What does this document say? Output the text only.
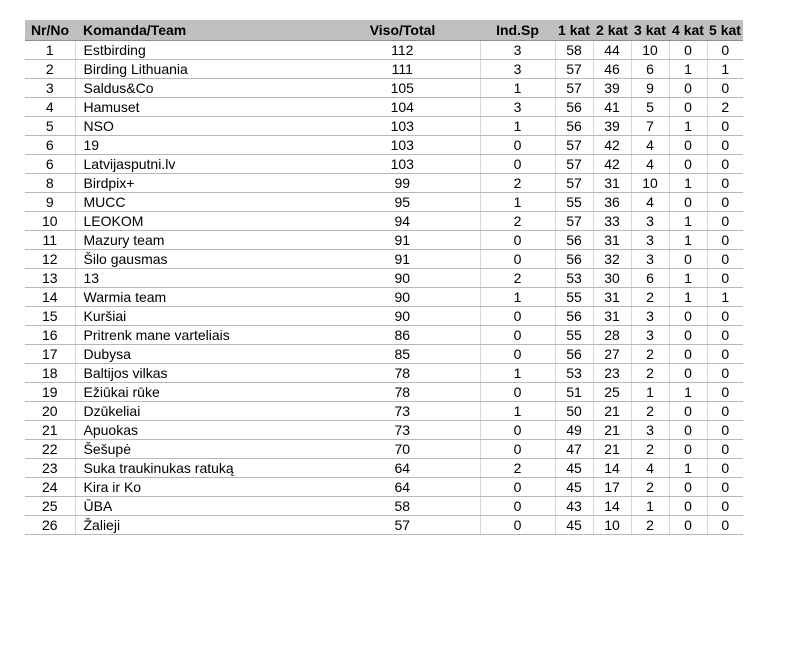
Nr/No	Komanda/Team	Viso/Total	Ind.Sp	1 kat	2 kat	3 kat	4 kat	5 kat
1	Estbirding	112	3	58	44	10	0	0
2	Birding Lithuania	111	3	57	46	6	1	1
3	Saldus&Co	105	1	57	39	9	0	0
4	Hamuset	104	3	56	41	5	0	2
5	NSO	103	1	56	39	7	1	0
6	19	103	0	57	42	4	0	0
6	Latvijasputni.lv	103	0	57	42	4	0	0
8	Birdpix+	99	2	57	31	10	1	0
9	MUCC	95	1	55	36	4	0	0
10	LEOKOM	94	2	57	33	3	1	0
11	Mazury team	91	0	56	31	3	1	0
12	Šilo gausmas	91	0	56	32	3	0	0
13	13	90	2	53	30	6	1	0
14	Warmia team	90	1	55	31	2	1	1
15	Kuršiai	90	0	56	31	3	0	0
16	Pritrenk mane varteliais	86	0	55	28	3	0	0
17	Dubysa	85	0	56	27	2	0	0
18	Baltijos vilkas	78	1	53	23	2	0	0
19	Ežiūkai rūke	78	0	51	25	1	1	0
20	Dzūkeliai	73	1	50	21	2	0	0
21	Apuokas	73	0	49	21	3	0	0
22	Šešupė	70	0	47	21	2	0	0
23	Suka traukinukas ratuką	64	2	45	14	4	1	0
24	Kira ir Ko	64	0	45	17	2	0	0
25	ŪBA	58	0	43	14	1	0	0
26	Žalieji	57	0	45	10	2	0	0
